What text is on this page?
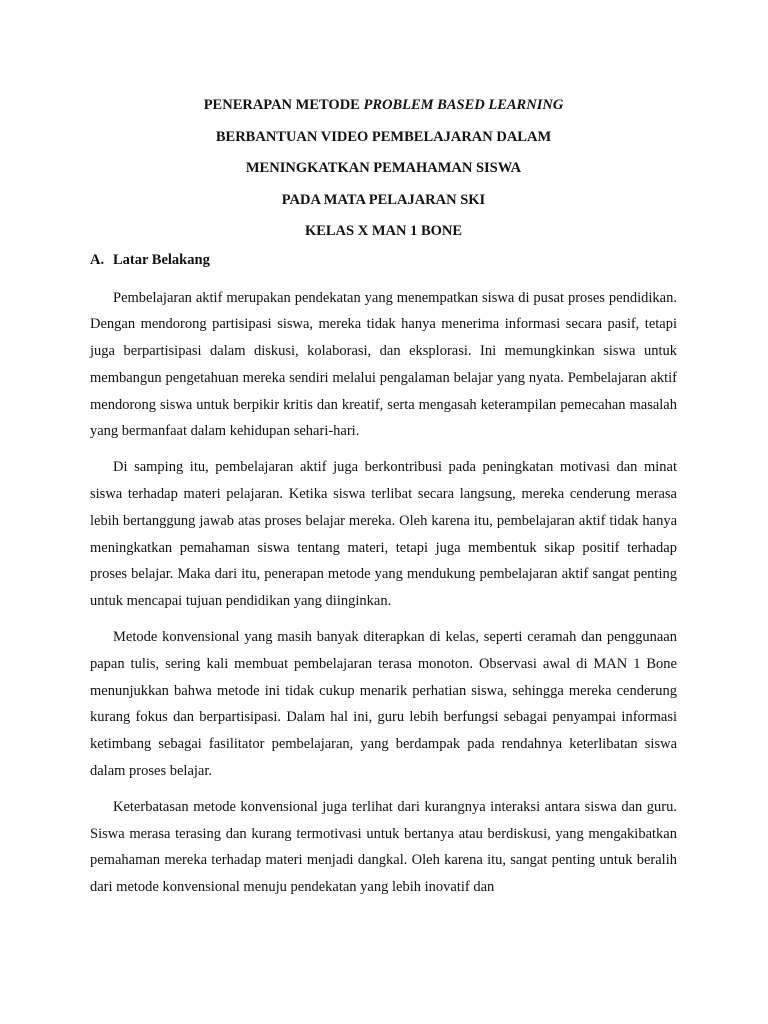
PENERAPAN METODE PROBLEM BASED LEARNING

BERBANTUAN VIDEO PEMBELAJARAN DALAM

MENINGKATKAN PEMAHAMAN SISWA

PADA MATA PELAJARAN SKI

KELAS X MAN 1 BONE

A. Latar Belakang

Pembelajaran aktif merupakan pendekatan yang menempatkan siswa di pusat proses pendidikan. Dengan mendorong partisipasi siswa, mereka tidak hanya menerima informasi secara pasif, tetapi juga berpartisipasi dalam diskusi, kolaborasi, dan eksplorasi. Ini memungkinkan siswa untuk membangun pengetahuan mereka sendiri melalui pengalaman belajar yang nyata. Pembelajaran aktif mendorong siswa untuk berpikir kritis dan kreatif, serta mengasah keterampilan pemecahan masalah yang bermanfaat dalam kehidupan sehari-hari.

Di samping itu, pembelajaran aktif juga berkontribusi pada peningkatan motivasi dan minat siswa terhadap materi pelajaran. Ketika siswa terlibat secara langsung, mereka cenderung merasa lebih bertanggung jawab atas proses belajar mereka. Oleh karena itu, pembelajaran aktif tidak hanya meningkatkan pemahaman siswa tentang materi, tetapi juga membentuk sikap positif terhadap proses belajar. Maka dari itu, penerapan metode yang mendukung pembelajaran aktif sangat penting untuk mencapai tujuan pendidikan yang diinginkan.

Metode konvensional yang masih banyak diterapkan di kelas, seperti ceramah dan penggunaan papan tulis, sering kali membuat pembelajaran terasa monoton. Observasi awal di MAN 1 Bone menunjukkan bahwa metode ini tidak cukup menarik perhatian siswa, sehingga mereka cenderung kurang fokus dan berpartisipasi. Dalam hal ini, guru lebih berfungsi sebagai penyampai informasi ketimbang sebagai fasilitator pembelajaran, yang berdampak pada rendahnya keterlibatan siswa dalam proses belajar.

Keterbatasan metode konvensional juga terlihat dari kurangnya interaksi antara siswa dan guru. Siswa merasa terasing dan kurang termotivasi untuk bertanya atau berdiskusi, yang mengakibatkan pemahaman mereka terhadap materi menjadi dangkal. Oleh karena itu, sangat penting untuk beralih dari metode konvensional menuju pendekatan yang lebih inovatif dan
